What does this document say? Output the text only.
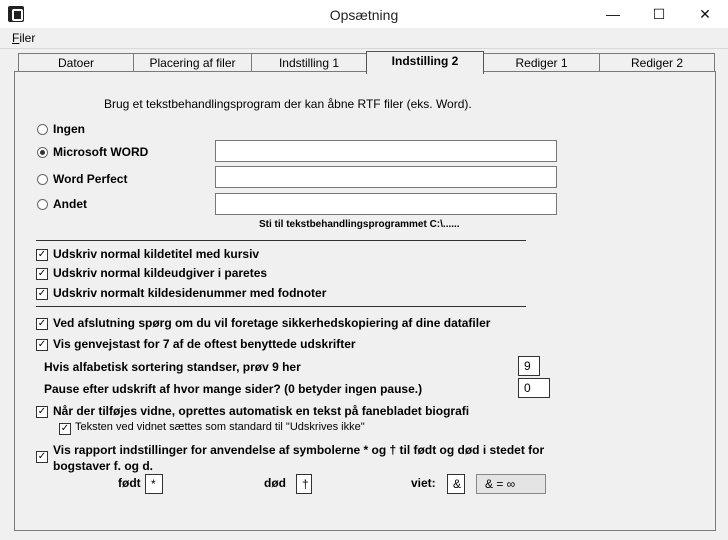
Opsætning	—	☐	✕
Filer
Datoer	Placering af filer	Indstilling 1	Indstilling 2	Rediger 1	Rediger 2
Brug et tekstbehandlingsprogram der kan åbne RTF filer (eks. Word).
Ingen
Microsoft WORD
Word Perfect
Andet
Sti til tekstbehandlingsprogrammet C:\......
✓ Udskriv normal kildetitel med kursiv
✓ Udskriv normal kildeudgiver i paretes
✓ Udskriv normalt kildesidenummer med fodnoter
✓ Ved afslutning spørg om du vil foretage sikkerhedskopiering af dine datafiler
✓ Vis genvejstast for 7 af de oftest benyttede udskrifter
Hvis alfabetisk sortering standser, prøv 9 her	9
Pause efter udskrift af hvor mange sider? (0 betyder ingen pause.)	0
✓ Når der tilføjes vidne, oprettes automatisk en tekst på fanebladet biografi
✓ Teksten ved vidnet sættes som standard til "Udskrives ikke"
✓ Vis rapport indstillinger for anvendelse af symbolerne * og † til født og død i stedet for
bogstaver f. og d.
født *	død	†	viet:	&	& = ∞
